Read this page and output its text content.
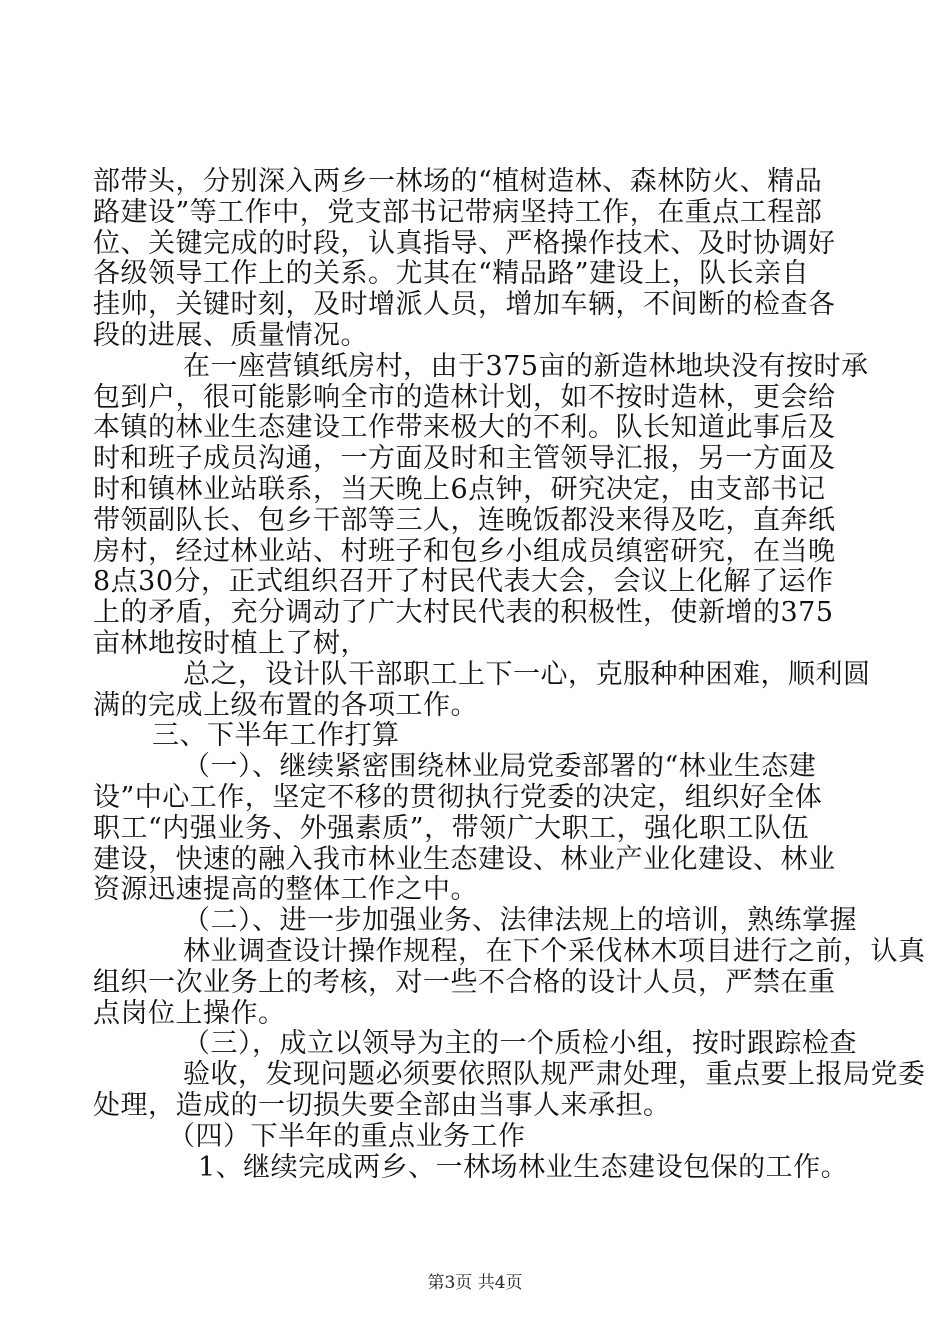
部带头，分别深入两乡一林场的“植树造林、森林防火、精品
路建设”等工作中，党支部书记带病坚持工作，在重点工程部
位、关键完成的时段，认真指导、严格操作技术、及时协调好
各级领导工作上的关系。尤其在“精品路”建设上，队长亲自
挂帅，关键时刻，及时增派人员，增加车辆，不间断的检查各
段的进展、质量情况。
在一座营镇纸房村，由于375亩的新造林地块没有按时承
包到户，很可能影响全市的造林计划，如不按时造林，更会给
本镇的林业生态建设工作带来极大的不利。队长知道此事后及
时和班子成员沟通，一方面及时和主管领导汇报，另一方面及
时和镇林业站联系，当天晚上6点钟，研究决定，由支部书记
带领副队长、包乡干部等三人，连晚饭都没来得及吃，直奔纸
房村，经过林业站、村班子和包乡小组成员缜密研究，在当晚
8点30分，正式组织召开了村民代表大会，会议上化解了运作
上的矛盾，充分调动了广大村民代表的积极性，使新增的375
亩林地按时植上了树，
总之，设计队干部职工上下一心，克服种种困难，顺利圆
满的完成上级布置的各项工作。
三、下半年工作打算
（一）、继续紧密围绕林业局党委部署的“林业生态建
设”中心工作，坚定不移的贯彻执行党委的决定，组织好全体
职工“内强业务、外强素质”，带领广大职工，强化职工队伍
建设，快速的融入我市林业生态建设、林业产业化建设、林业
资源迅速提高的整体工作之中。
（二）、进一步加强业务、法律法规上的培训，熟练掌握
林业调查设计操作规程，在下个采伐林木项目进行之前，认真
组织一次业务上的考核，对一些不合格的设计人员，严禁在重
点岗位上操作。
（三），成立以领导为主的一个质检小组，按时跟踪检查
验收，发现问题必须要依照队规严肃处理，重点要上报局党委
处理，造成的一切损失要全部由当事人来承担。
（四）下半年的重点业务工作
1、继续完成两乡、一林场林业生态建设包保的工作。
第3页 共4页
